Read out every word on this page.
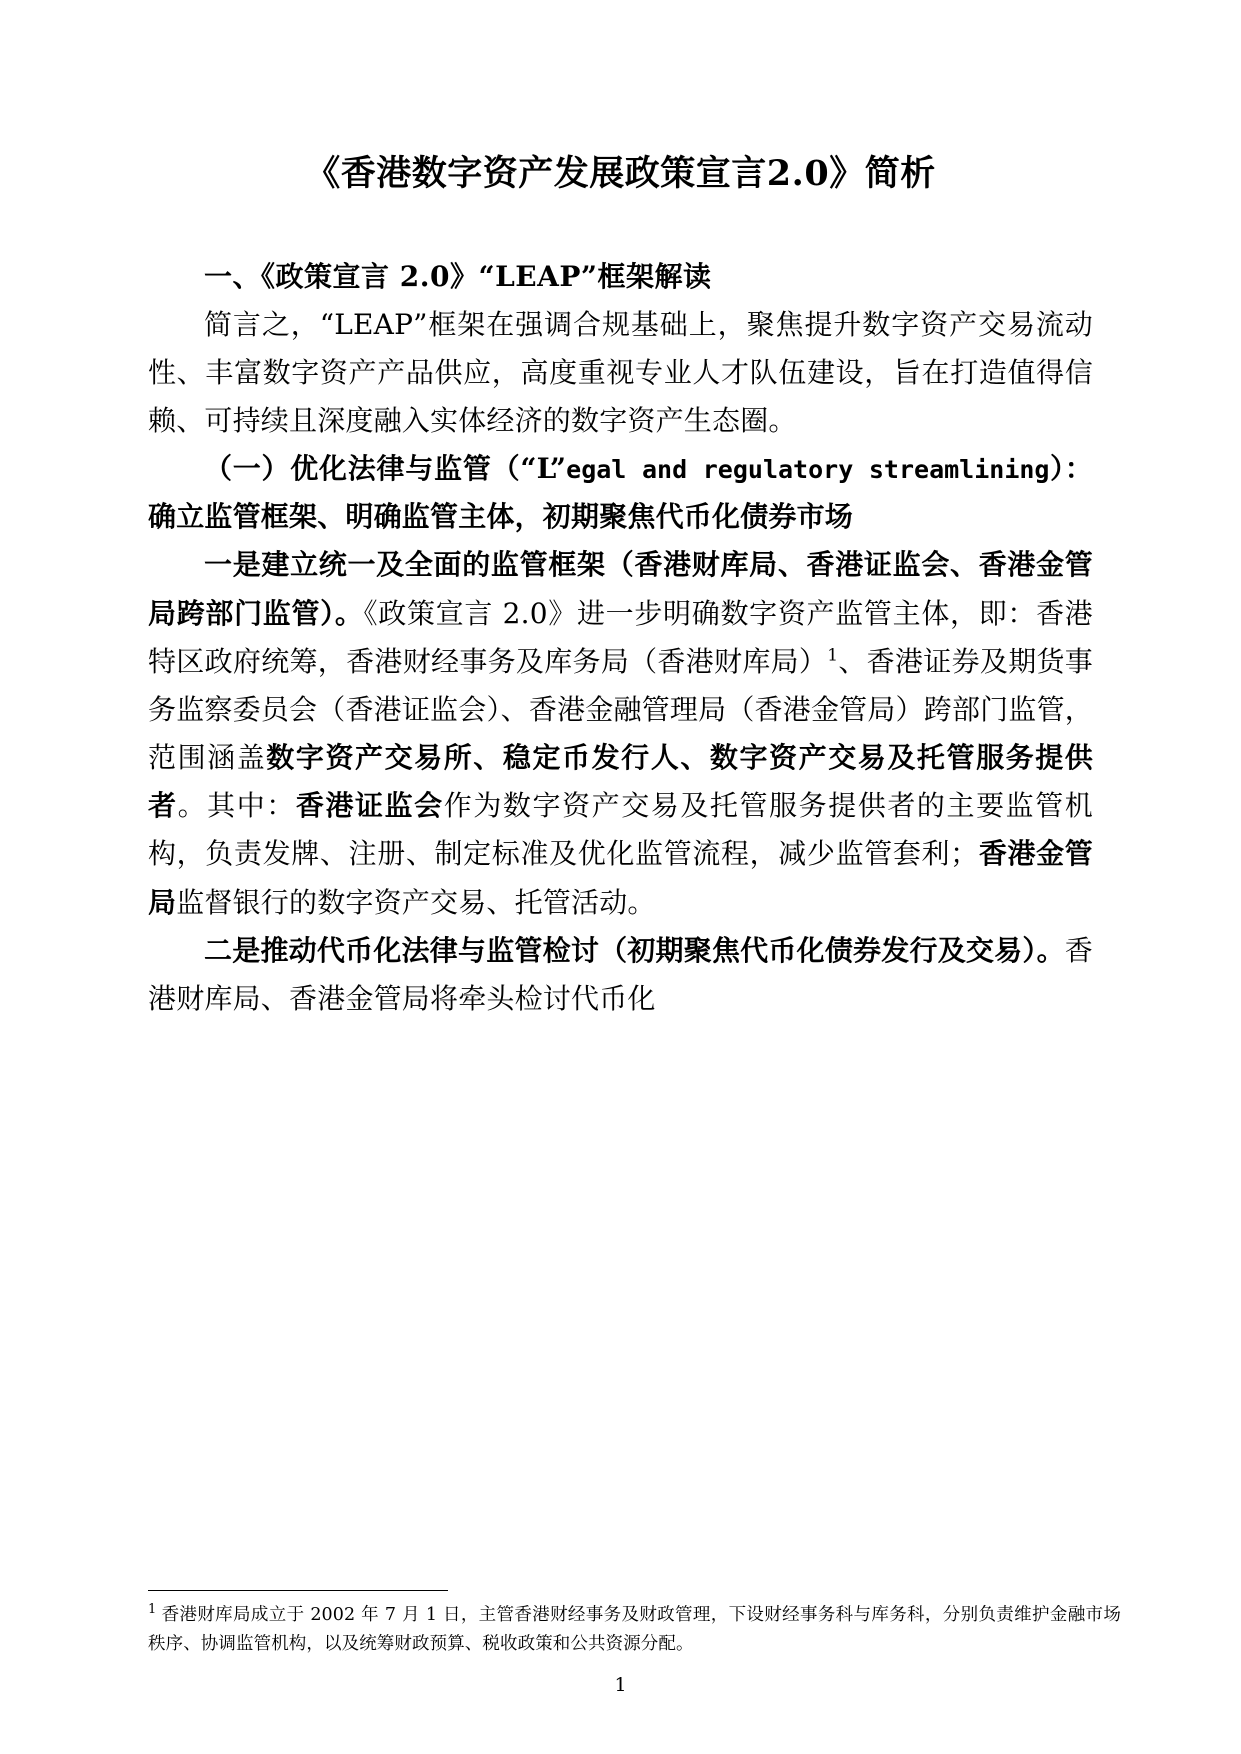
《香港数字资产发展政策宣言2.0》简析

一、《政策宣言 2.0》“LEAP”框架解读

简言之，“LEAP”框架在强调合规基础上，聚焦提升数字资产交易流动性、丰富数字资产产品供应，高度重视专业人才队伍建设，旨在打造值得信赖、可持续且深度融入实体经济的数字资产生态圈。

（一）优化法律与监管（“L”egal and regulatory streamlining）：确立监管框架、明确监管主体，初期聚焦代币化债券市场

一是建立统一及全面的监管框架（香港财库局、香港证监会、香港金管局跨部门监管）。《政策宣言 2.0》进一步明确数字资产监管主体，即：香港特区政府统筹，香港财经事务及库务局（香港财库局）$^1$、香港证券及期货事务监察委员会（香港证监会）、香港金融管理局（香港金管局）跨部门监管，范围涵盖数字资产交易所、稳定币发行人、数字资产交易及托管服务提供者。其中：香港证监会作为数字资产交易及托管服务提供者的主要监管机构，负责发牌、注册、制定标准及优化监管流程，减少监管套利；香港金管局监督银行的数字资产交易、托管活动。

二是推动代币化法律与监管检讨（初期聚焦代币化债券发行及交易）。香港财库局、香港金管局将牵头检讨代币化

$^1$ 香港财库局成立于 2002 年 7 月 1 日，主管香港财经事务及财政管理，下设财经事务科与库务科，分别负责维护金融市场秩序、协调监管机构，以及统筹财政预算、税收政策和公共资源分配。

1
